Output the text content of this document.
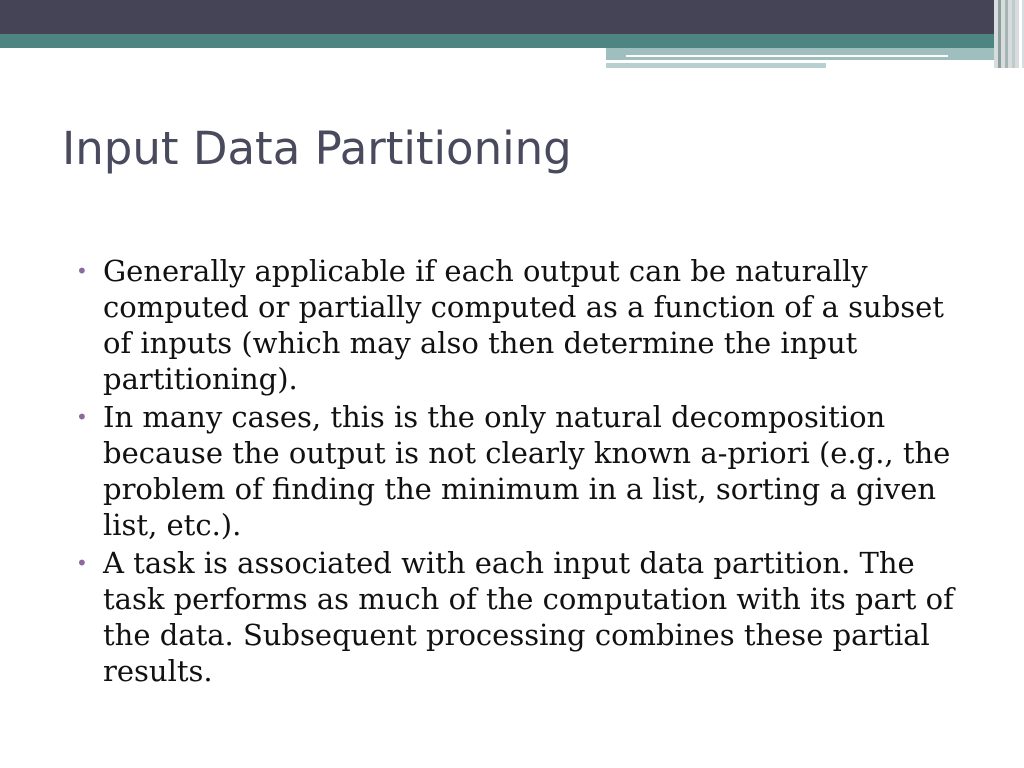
Input Data Partitioning
• Generally applicable if each output can be naturally computed or partially computed as a function of a subset of inputs (which may also then determine the input partitioning).
• In many cases, this is the only natural decomposition because the output is not clearly known a-priori (e.g., the problem of finding the minimum in a list, sorting a given list, etc.).
• A task is associated with each input data partition. The task performs as much of the computation with its part of the data. Subsequent processing combines these partial results.
